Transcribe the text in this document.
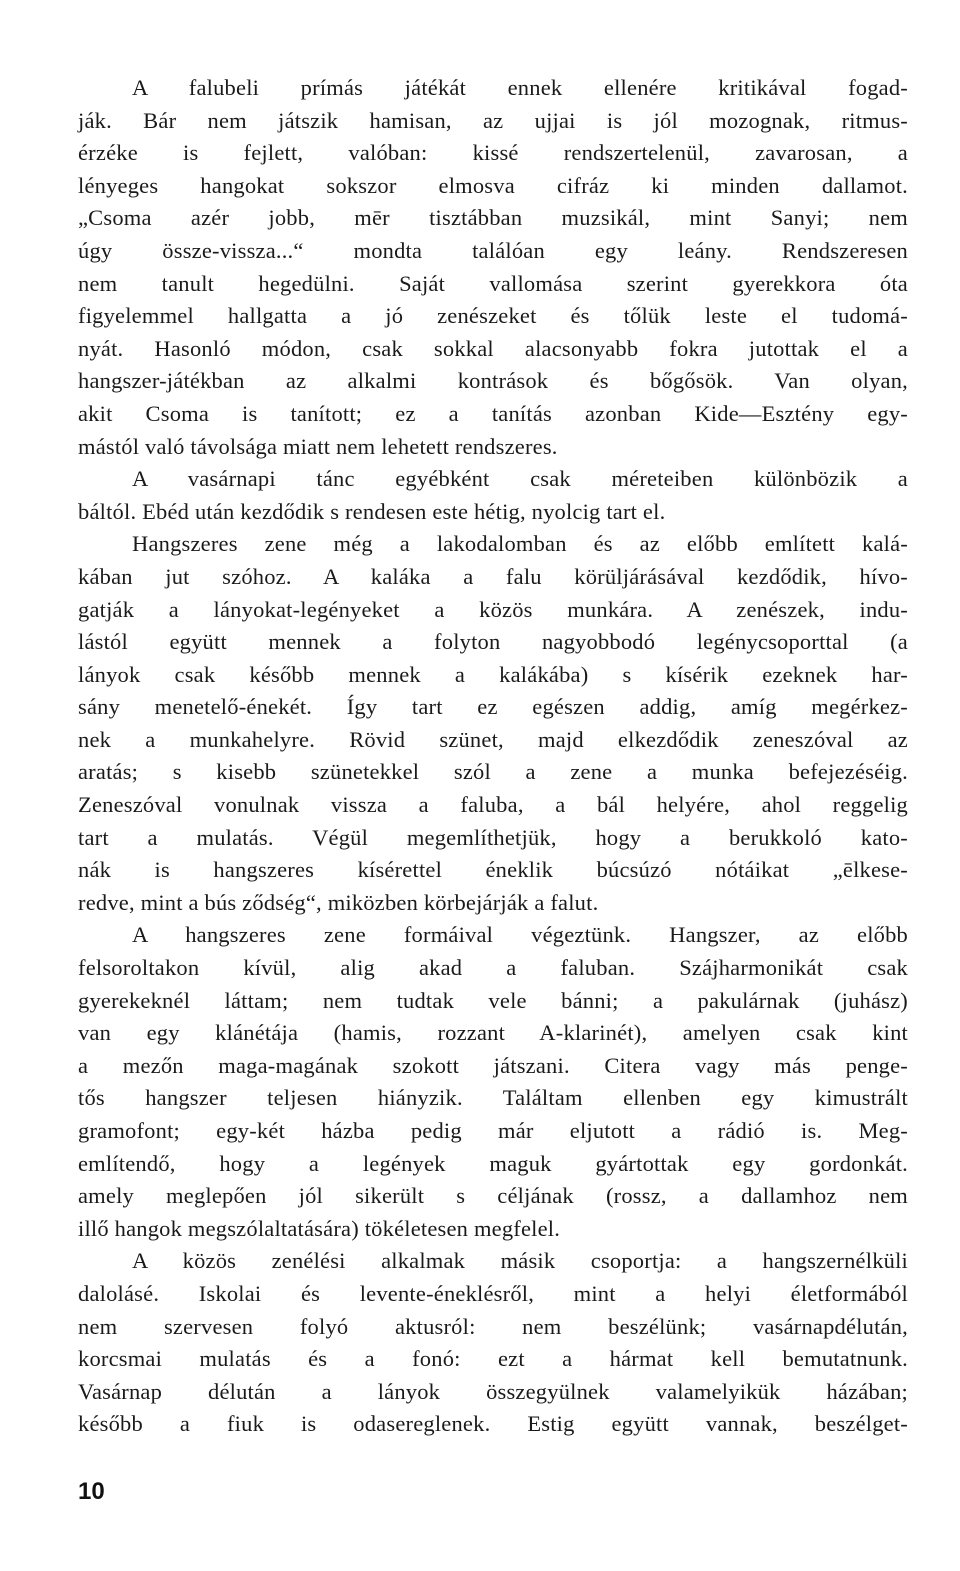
A falubeli prímás játékát ennek ellenére kritikával fogad-
ják. Bár nem játszik hamisan, az ujjai is jól mozognak, ritmus-
érzéke is fejlett, valóban: kissé rendszertelenül, zavarosan, a
lényeges hangokat sokszor elmosva cifráz ki minden dallamot.
„Csoma azér jobb, mēr tisztábban muzsikál, mint Sanyi; nem
úgy össze-vissza...“ mondta találóan egy leány. Rendszeresen
nem tanult hegedülni. Saját vallomása szerint gyerekkora óta
figyelemmel hallgatta a jó zenészeket és tőlük leste el tudomá-
nyát. Hasonló módon, csak sokkal alacsonyabb fokra jutottak el a
hangszer-játékban az alkalmi kontrások és bőgősök. Van olyan,
akit Csoma is tanított; ez a tanítás azonban Kide—Esztény egy-
mástól való távolsága miatt nem lehetett rendszeres.
A vasárnapi tánc egyébként csak méreteiben különbözik a
báltól. Ebéd után kezdődik s rendesen este hétig, nyolcig tart el.
Hangszeres zene még a lakodalomban és az előbb említett kalá-
kában jut szóhoz. A kaláka a falu körüljárásával kezdődik, hívo-
gatják a lányokat-legényeket a közös munkára. A zenészek, indu-
lástól együtt mennek a folyton nagyobbodó legénycsoporttal (a
lányok csak később mennek a kalákába) s kísérik ezeknek har-
sány menetelő-énekét. Így tart ez egészen addig, amíg megérkez-
nek a munkahelyre. Rövid szünet, majd elkezdődik zeneszóval az
aratás; s kisebb szünetekkel szól a zene a munka befejezéséig.
Zeneszóval vonulnak vissza a faluba, a bál helyére, ahol reggelig
tart a mulatás. Végül megemlíthetjük, hogy a berukkoló kato-
nák is hangszeres kísérettel éneklik búcsúzó nótáikat „ēlkese-
redve, mint a bús ződség“, miközben körbejárják a falut.
A hangszeres zene formáival végeztünk. Hangszer, az előbb
felsoroltakon kívül, alig akad a faluban. Szájharmonikát csak
gyerekeknél láttam; nem tudtak vele bánni; a pakulárnak (juhász)
van egy klánétája (hamis, rozzant A-klarinét), amelyen csak kint
a mezőn maga-magának szokott játszani. Citera vagy más penge-
tős hangszer teljesen hiányzik. Találtam ellenben egy kimustrált
gramofont; egy-két házba pedig már eljutott a rádió is. Meg-
említendő, hogy a legények maguk gyártottak egy gordonkát.
amely meglepően jól sikerült s céljának (rossz, a dallamhoz nem
illő hangok megszólaltatására) tökéletesen megfelel.
A közös zenélési alkalmak másik csoportja: a hangszernélküli
dalolásé. Iskolai és levente-éneklésről, mint a helyi életformából
nem szervesen folyó aktusról: nem beszélünk; vasárnapdélután,
korcsmai mulatás és a fonó: ezt a hármat kell bemutatnunk.
Vasárnap délután a lányok összegyülnek valamelyikük házában;
később a fiuk is odasereglenek. Estig együtt vannak, beszélget-
10
